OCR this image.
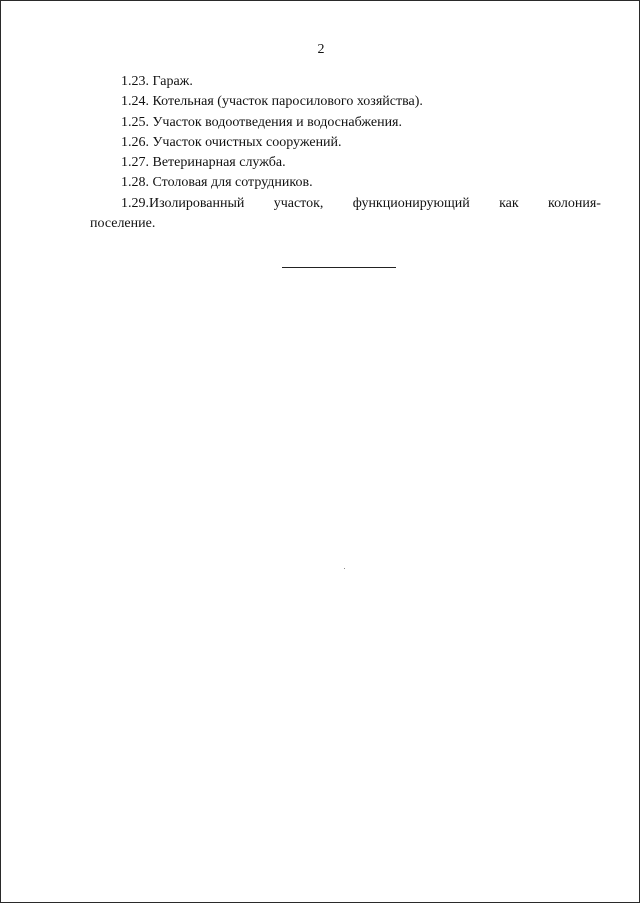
2
1.23. Гараж.
1.24. Котельная (участок паросилового хозяйства).
1.25. Участок водоотведения и водоснабжения.
1.26. Участок очистных сооружений.
1.27. Ветеринарная служба.
1.28. Столовая для сотрудников.
1.29.Изолированный участок, функционирующий как колония-
поселение.
